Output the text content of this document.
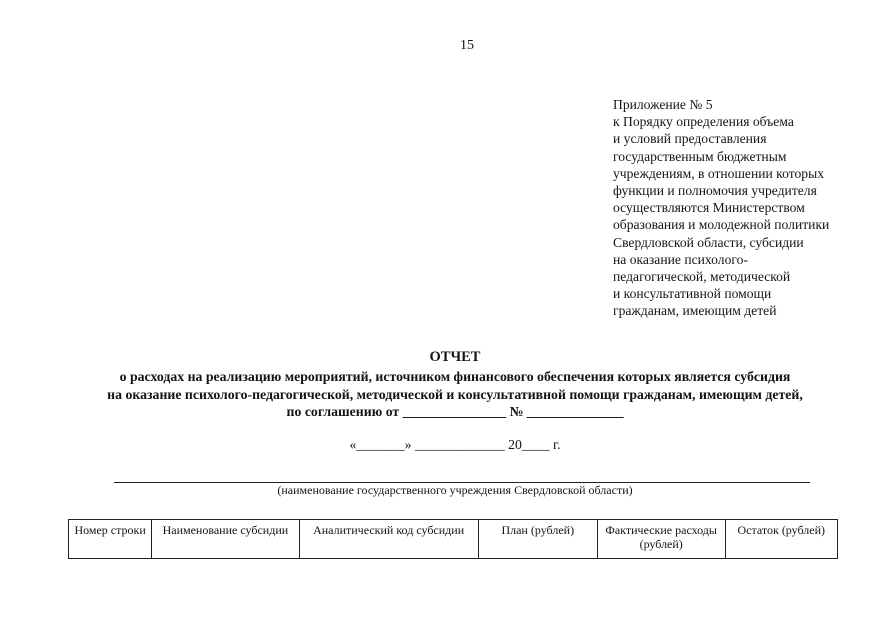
15
Приложение № 5
к Порядку определения объема
и условий предоставления
государственным бюджетным
учреждениям, в отношении которых
функции и полномочия учредителя
осуществляются Министерством
образования и молодежной политики
Свердловской области, субсидии
на оказание психолого-
педагогической, методической
и консультативной помощи
гражданам, имеющим детей
ОТЧЕТ
о расходах на реализацию мероприятий, источником финансового обеспечения которых является субсидия
на оказание психолого-педагогической, методической и консультативной помощи гражданам, имеющим детей,
по соглашению от _______________ № ______________
«_______» _____________ 20____ г.
(наименование государственного учреждения Свердловской области)
Номер строки	Наименование субсидии	Аналитический код субсидии	План (рублей)	Фактические расходы (рублей)	Остаток (рублей)
